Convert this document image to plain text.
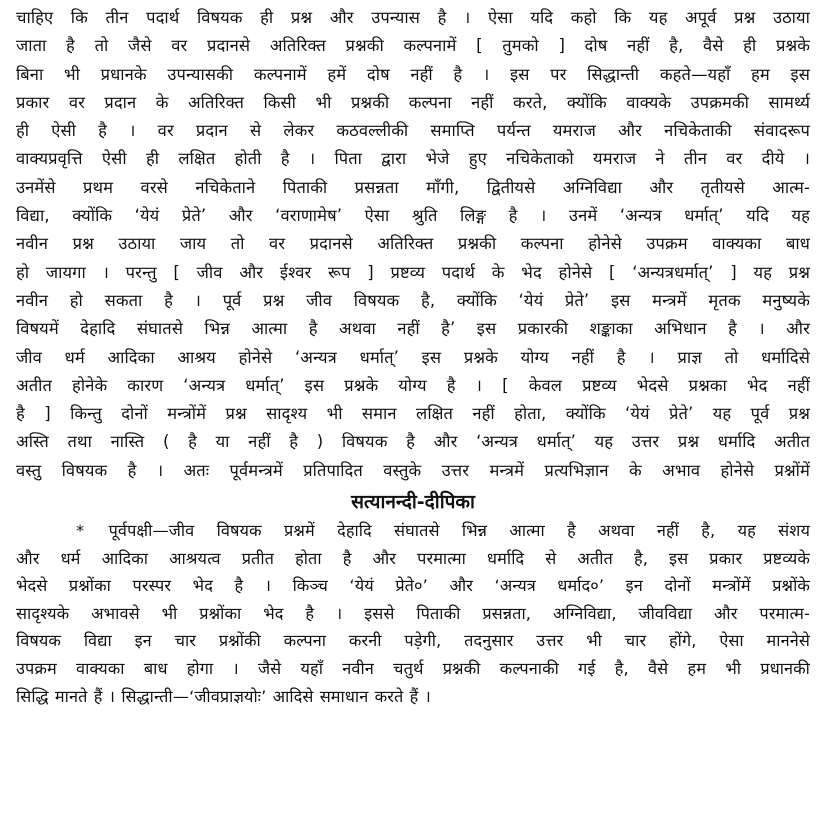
चाहिए कि तीन पदार्थ विषयक ही प्रश्न और उपन्यास है । ऐसा यदि कहो कि यह अपूर्व प्रश्न उठाया
जाता है तो जैसे वर प्रदानसे अतिरिक्त प्रश्नकी कल्पनामें [ तुमको ] दोष नहीं है, वैसे ही प्रश्नके
बिना भी प्रधानके उपन्यासकी कल्पनामें हमें दोष नहीं है । इस पर सिद्धान्ती कहते—यहाँ हम इस
प्रकार वर प्रदान के अतिरिक्त किसी भी प्रश्नकी कल्पना नहीं करते, क्योंकि वाक्यके उपक्रमकी सामर्थ्य
ही ऐसी है । वर प्रदान से लेकर कठवल्लीकी समाप्ति पर्यन्त यमराज और नचिकेताकी संवादरूप
वाक्यप्रवृत्ति ऐसी ही लक्षित होती है । पिता द्वारा भेजे हुए नचिकेताको यमराज ने तीन वर दीये ।
उनमेंसे प्रथम वरसे नचिकेताने पिताकी प्रसन्नता माँगी, द्वितीयसे अग्निविद्या और तृतीयसे आत्म-
विद्या, क्योंकि ‘येयं प्रेते’ और ‘वराणामेष’ ऐसा श्रुति लिङ्ग है । उनमें ‘अन्यत्र धर्मात्’ यदि यह
नवीन प्रश्न उठाया जाय तो वर प्रदानसे अतिरिक्त प्रश्नकी कल्पना होनेसे उपक्रम वाक्यका बाध
हो जायगा । परन्तु [ जीव और ईश्वर रूप ] प्रष्टव्य पदार्थ के भेद होनेसे [ ‘अन्यत्रधर्मात्’ ] यह प्रश्न
नवीन हो सकता है । पूर्व प्रश्न जीव विषयक है, क्योंकि ‘येयं प्रेते’ इस मन्त्रमें मृतक मनुष्यके
विषयमें देहादि संघातसे भिन्न आत्मा है अथवा नहीं है’ इस प्रकारकी शङ्काका अभिधान है । और
जीव धर्म आदिका आश्रय होनेसे ‘अन्यत्र धर्मात्’ इस प्रश्नके योग्य नहीं है । प्राज्ञ तो धर्मादिसे
अतीत होनेके कारण ‘अन्यत्र धर्मात्’ इस प्रश्नके योग्य है । [ केवल प्रष्टव्य भेदसे प्रश्नका भेद नहीं
है ] किन्तु दोनों मन्त्रोंमें प्रश्न सादृश्य भी समान लक्षित नहीं होता, क्योंकि ‘येयं प्रेते’ यह पूर्व प्रश्न
अस्ति तथा नास्ति ( है या नहीं है ) विषयक है और ‘अन्यत्र धर्मात्’ यह उत्तर प्रश्न धर्मादि अतीत
वस्तु विषयक है । अतः पूर्वमन्त्रमें प्रतिपादित वस्तुके उत्तर मन्त्रमें प्रत्यभिज्ञान के अभाव होनेसे प्रश्नोंमें
सत्यानन्दी-दीपिका
* पूर्वपक्षी—जीव विषयक प्रश्नमें देहादि संघातसे भिन्न आत्मा है अथवा नहीं है, यह संशय
और धर्म आदिका आश्रयत्व प्रतीत होता है और परमात्मा धर्मादि से अतीत है, इस प्रकार प्रष्टव्यके
भेदसे प्रश्नोंका परस्पर भेद है । किञ्च ‘येयं प्रेते०’ और ‘अन्यत्र धर्माद०’ इन दोनों मन्त्रोंमें प्रश्नोंके
सादृश्यके अभावसे भी प्रश्नोंका भेद है । इससे पिताकी प्रसन्नता, अग्निविद्या, जीवविद्या और परमात्म-
विषयक विद्या इन चार प्रश्नोंकी कल्पना करनी पड़ेगी, तदनुसार उत्तर भी चार होंगे, ऐसा माननेसे
उपक्रम वाक्यका बाध होगा । जैसे यहाँ नवीन चतुर्थ प्रश्नकी कल्पनाकी गई है, वैसे हम भी प्रधानकी
सिद्धि मानते हैं । सिद्धान्ती—‘जीवप्राज्ञयोः’ आदिसे समाधान करते हैं ।
